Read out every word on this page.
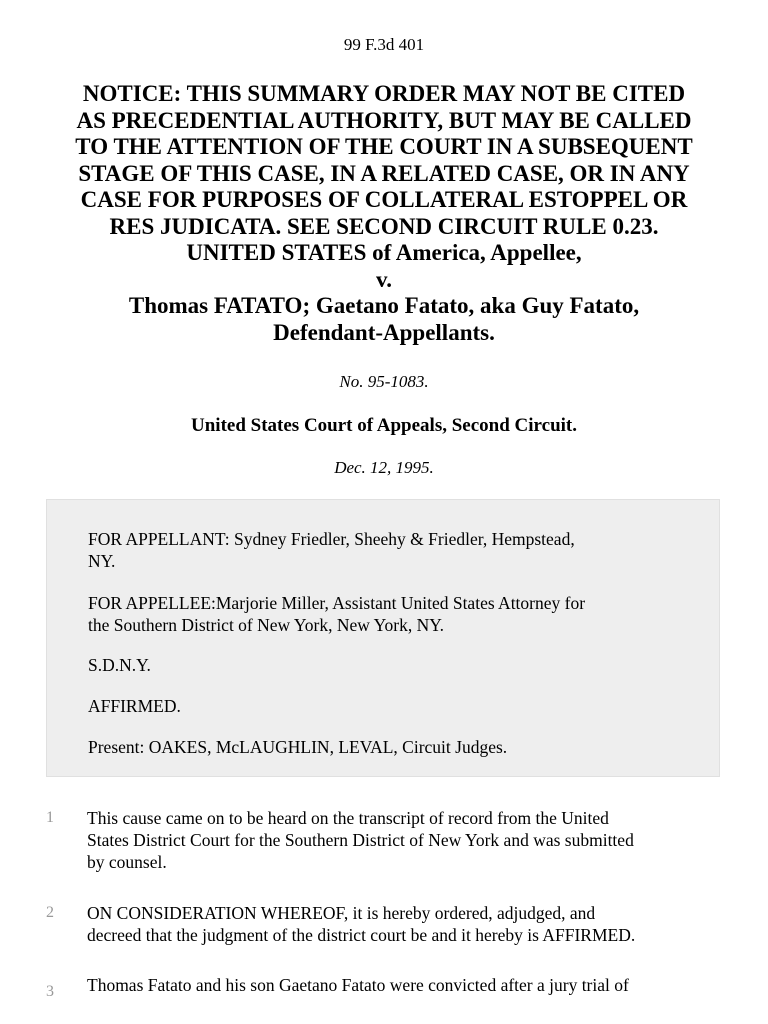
99 F.3d 401
NOTICE: THIS SUMMARY ORDER MAY NOT BE CITED
AS PRECEDENTIAL AUTHORITY, BUT MAY BE CALLED
TO THE ATTENTION OF THE COURT IN A SUBSEQUENT
STAGE OF THIS CASE, IN A RELATED CASE, OR IN ANY
CASE FOR PURPOSES OF COLLATERAL ESTOPPEL OR
RES JUDICATA. SEE SECOND CIRCUIT RULE 0.23.
UNITED STATES of America, Appellee,
v.
Thomas FATATO; Gaetano Fatato, aka Guy Fatato,
Defendant-Appellants.
No. 95-1083.
United States Court of Appeals, Second Circuit.
Dec. 12, 1995.
FOR APPELLANT: Sydney Friedler, Sheehy & Friedler, Hempstead,
NY.
FOR APPELLEE:Marjorie Miller, Assistant United States Attorney for
the Southern District of New York, New York, NY.
S.D.N.Y.
AFFIRMED.
Present: OAKES, McLAUGHLIN, LEVAL, Circuit Judges.
1 This cause came on to be heard on the transcript of record from the United
States District Court for the Southern District of New York and was submitted
by counsel.
2 ON CONSIDERATION WHEREOF, it is hereby ordered, adjudged, and
decreed that the judgment of the district court be and it hereby is AFFIRMED.
3 Thomas Fatato and his son Gaetano Fatato were convicted after a jury trial of
